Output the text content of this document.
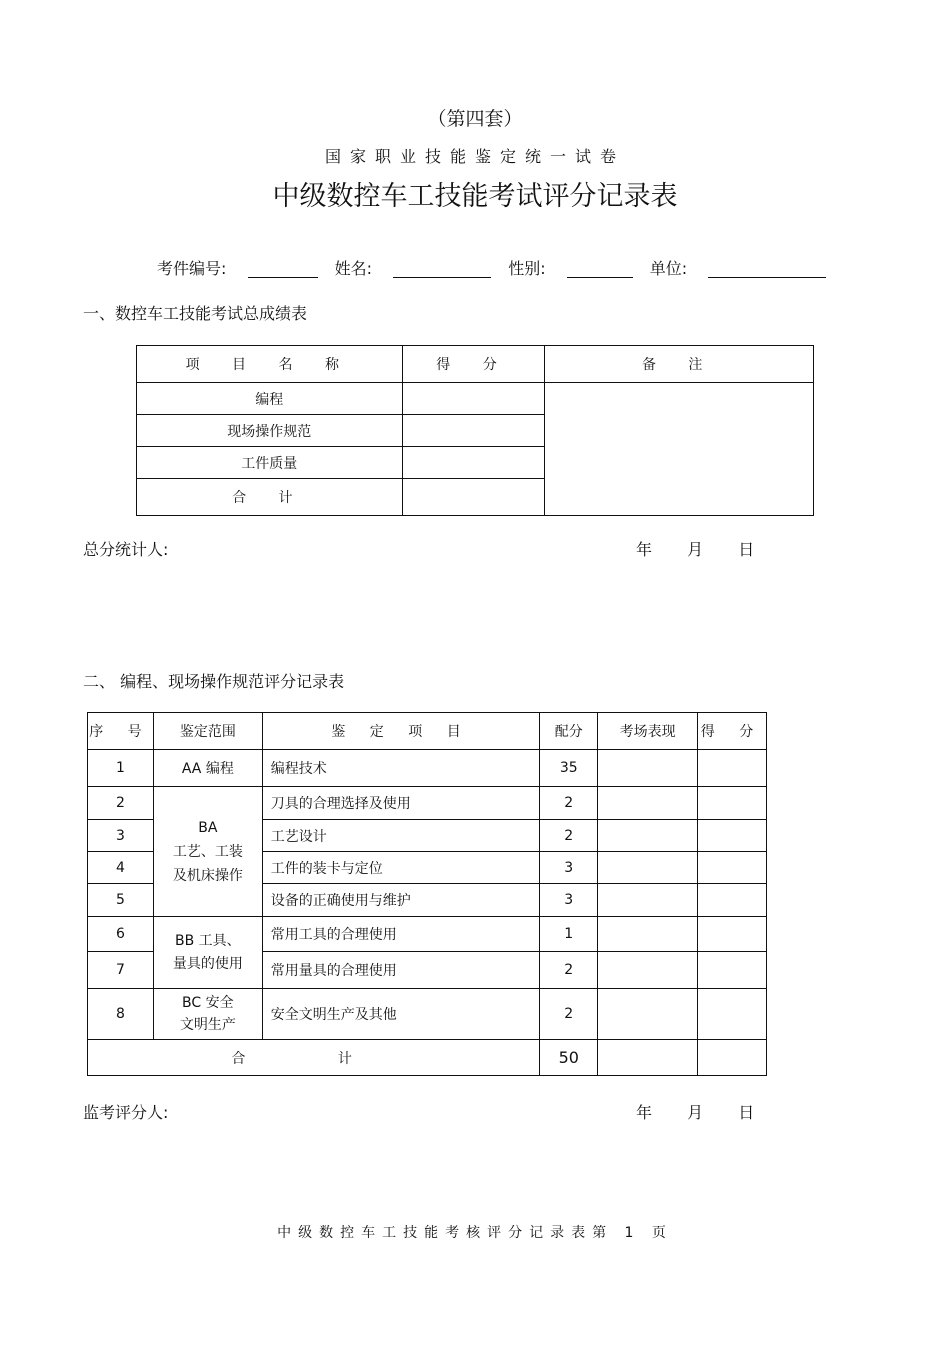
（第四套）
国家职业技能鉴定统一试卷
中级数控车工技能考试评分记录表
考件编号:	姓名:	性别:	单位:
一、数控车工技能考试总成绩表
项 目 名 称	得 分	备 注
编程		
现场操作规范		
工件质量		
合 计		
总分统计人:	年 月 日
二、 编程、现场操作规范评分记录表
序 号	鉴定范围	鉴 定 项 目	配分	考场表现	得 分
1	AA 编程	编程技术	35		
2	BA
工艺、工装
及机床操作	刀具的合理选择及使用	2		
3		工艺设计	2		
4		工件的装卡与定位	3		
5		设备的正确使用与维护	3		
6	BB 工具、
量具的使用	常用工具的合理使用	1		
7		常用量具的合理使用	2		
8	BC 安全
文明生产	安全文明生产及其他	2		
合 计			50		
监考评分人:	年 月 日
中级数控车工技能考核评分记录表第 1 页
